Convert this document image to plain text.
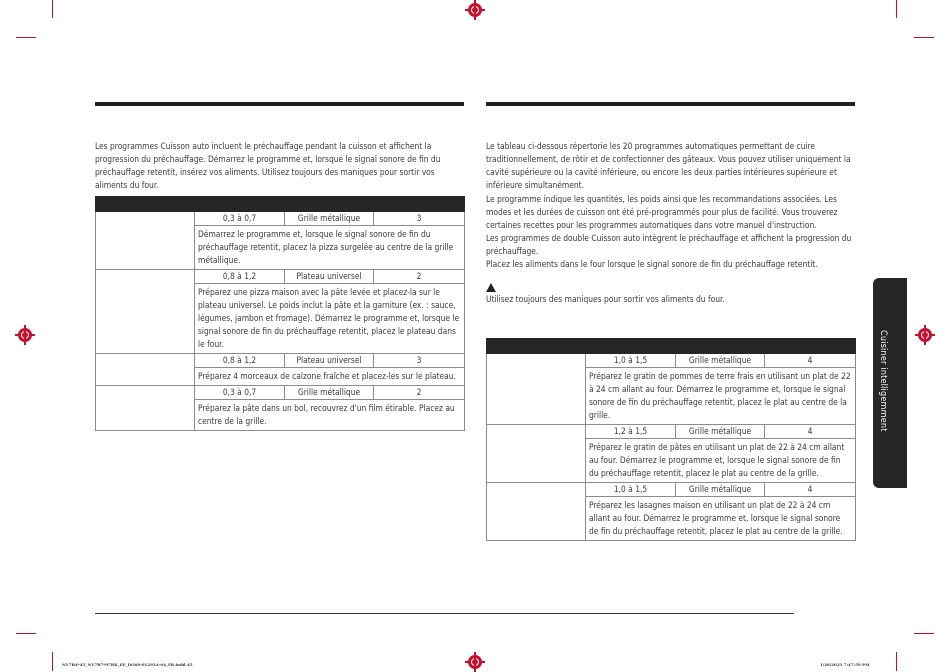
Les programmes Cuisson auto incluent le préchauffage pendant la cuisson et affichent la progression du préchauffage. Démarrez le programme et, lorsque le signal sonore de fin du préchauffage retentit, insérez vos aliments. Utilisez toujours des maniques pour sortir vos aliments du four.

	0,3 à 0,7	Grille métallique	3
	Démarrez le programme et, lorsque le signal sonore de fin du préchauffage retentit, placez la pizza surgelée au centre de la grille métallique.		
	0,8 à 1,2	Plateau universel	2
	Préparez une pizza maison avec la pâte levée et placez-la sur le plateau universel. Le poids inclut la pâte et la garniture (ex. : sauce, légumes, jambon et fromage). Démarrez le programme et, lorsque le signal sonore de fin du préchauffage retentit, placez le plateau dans le four.		
	0,8 à 1,2	Plateau universel	3
	Préparez 4 morceaux de calzone fraîche et placez-les sur le plateau.		
	0,3 à 0,7	Grille métallique	2
	Préparez la pâte dans un bol, recouvrez d'un film étirable. Placez au centre de la grille.		
Le tableau ci-dessous répertorie les 20 programmes automatiques permettant de cuire traditionnellement, de rôtir et de confectionner des gâteaux. Vous pouvez utiliser uniquement la cavité supérieure ou la cavité inférieure, ou encore les deux parties intérieures supérieure et inférieure simultanément.
Le programme indique les quantités, les poids ainsi que les recommandations associées. Les modes et les durées de cuisson ont été pré-programmés pour plus de facilité. Vous trouverez certaines recettes pour les programmes automatiques dans votre manuel d'instruction.
Les programmes de double Cuisson auto intègrent le préchauffage et affichent la progression du préchauffage.
Placez les aliments dans le four lorsque le signal sonore de fin du préchauffage retentit.
Utilisez toujours des maniques pour sortir vos aliments du four.

	1,0 à 1,5	Grille métallique	4
	Préparez le gratin de pommes de terre frais en utilisant un plat de 22 à 24 cm allant au four. Démarrez le programme et, lorsque le signal sonore de fin du préchauffage retentit, placez le plat au centre de la grille.		
	1,2 à 1,5	Grille métallique	4
	Préparez le gratin de pâtes en utilisant un plat de 22 à 24 cm allant au four. Démarrez le programme et, lorsque le signal sonore de fin du préchauffage retentit, placez le plat au centre de la grille.		
	1,0 à 1,5	Grille métallique	4
	Préparez les lasagnes maison en utilisant un plat de 22 à 24 cm allant au four. Démarrez le programme et, lorsque le signal sonore de fin du préchauffage retentit, placez le plat au centre de la grille.		
Cuisiner intelligemment
NV7B4*4T_NV7B7*97RK_EF_DG68-01292A-04_FR.indd 45	1/26/2023 7:47:59 PM
